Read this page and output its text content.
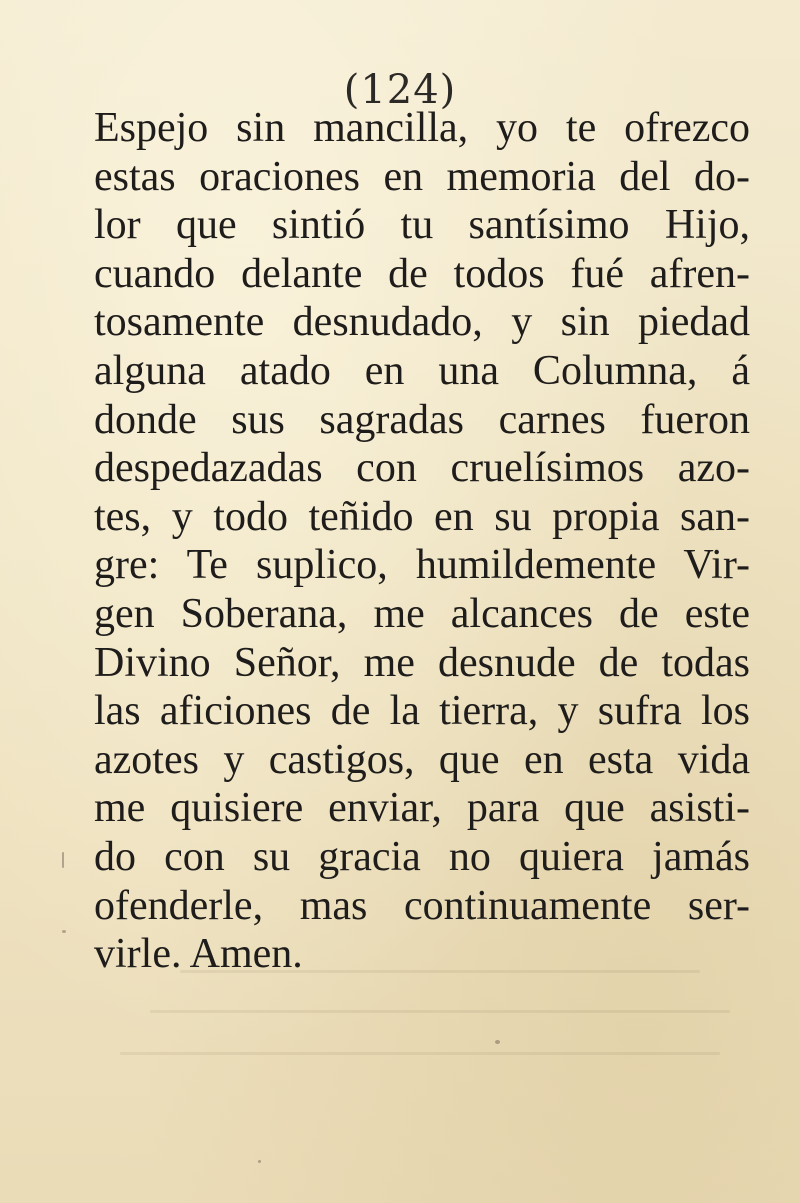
(124)
Espejo sin mancilla, yo te ofrezco
estas oraciones en memoria del do-
lor que sintió tu santísimo Hijo,
cuando delante de todos fué afren-
tosamente desnudado, y sin piedad
alguna atado en una Columna, á
donde sus sagradas carnes fueron
despedazadas con cruelísimos azo-
tes, y todo teñido en su propia san-
gre: Te suplico, humildemente Vir-
gen Soberana, me alcances de este
Divino Señor, me desnude de todas
las aficiones de la tierra, y sufra los
azotes y castigos, que en esta vida
me quisiere enviar, para que asisti-
do con su gracia no quiera jamás
ofenderle, mas continuamente ser-
virle. Amen.
